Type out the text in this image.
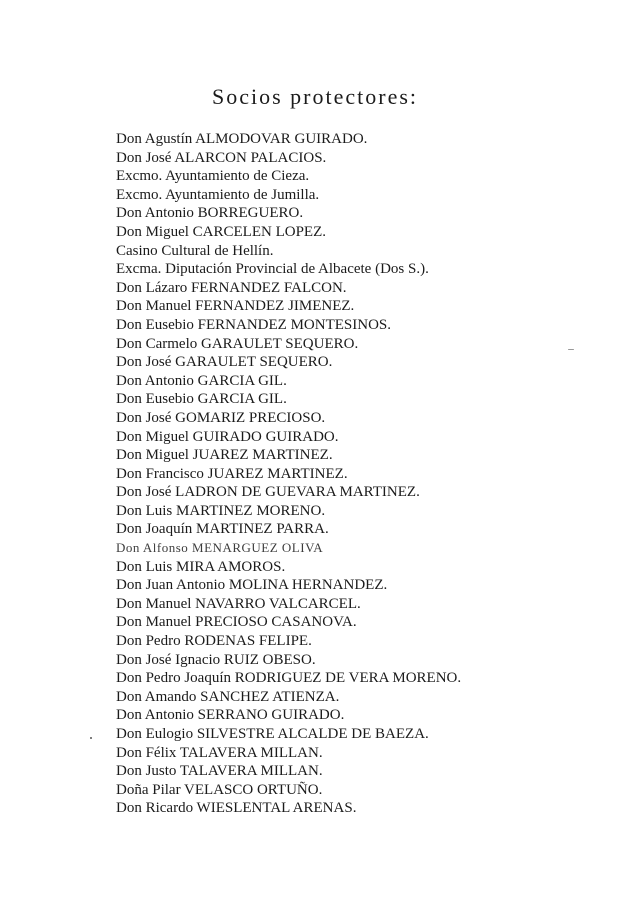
Socios protectores:
Don Agustín ALMODOVAR GUIRADO.
Don José ALARCON PALACIOS.
Excmo. Ayuntamiento de Cieza.
Excmo. Ayuntamiento de Jumilla.
Don Antonio BORREGUERO.
Don Miguel CARCELEN LOPEZ.
Casino Cultural de Hellín.
Excma. Diputación Provincial de Albacete (Dos S.).
Don Lázaro FERNANDEZ FALCON.
Don Manuel FERNANDEZ JIMENEZ.
Don Eusebio FERNANDEZ MONTESINOS.
Don Carmelo GARAULET SEQUERO.
Don José GARAULET SEQUERO.
Don Antonio GARCIA GIL.
Don Eusebio GARCIA GIL.
Don José GOMARIZ PRECIOSO.
Don Miguel GUIRADO GUIRADO.
Don Miguel JUAREZ MARTINEZ.
Don Francisco JUAREZ MARTINEZ.
Don José LADRON DE GUEVARA MARTINEZ.
Don Luis MARTINEZ MORENO.
Don Joaquín MARTINEZ PARRA.
Don Alfonso MENARGUEZ OLIVA
Don Luis MIRA AMOROS.
Don Juan Antonio MOLINA HERNANDEZ.
Don Manuel NAVARRO VALCARCEL.
Don Manuel PRECIOSO CASANOVA.
Don Pedro RODENAS FELIPE.
Don José Ignacio RUIZ OBESO.
Don Pedro Joaquín RODRIGUEZ DE VERA MORENO.
Don Amando SANCHEZ ATIENZA.
Don Antonio SERRANO GUIRADO.
Don Eulogio SILVESTRE ALCALDE DE BAEZA.
Don Félix TALAVERA MILLAN.
Don Justo TALAVERA MILLAN.
Doña Pilar VELASCO ORTUÑO.
Don Ricardo WIESLENTAL ARENAS.
